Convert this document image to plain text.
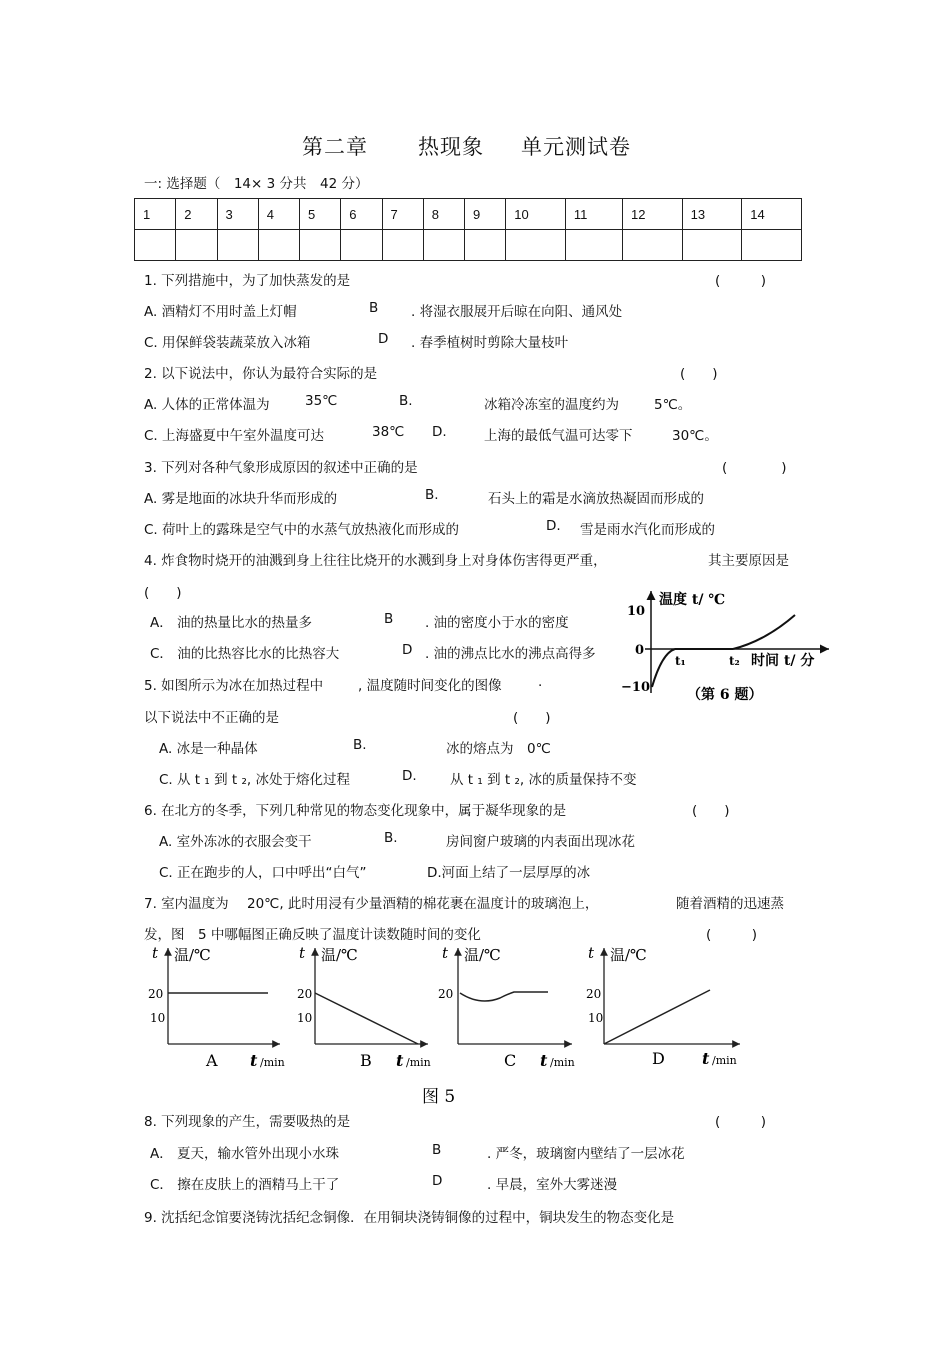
第二章 热现象 单元测试卷
一: 选择题（　14× 3 分共　42 分）
1	2	3	4	5	6	7	8	9	10	11	12	13	14

1. 下列措施中，为了加快蒸发的是	(　　　)
A. 酒精灯不用时盖上灯帽	B . 将湿衣服展开后晾在向阳、通风处
C. 用保鲜袋装蔬菜放入冰箱	D . 春季植树时剪除大量枝叶
2. 以下说法中，你认为最符合实际的是	(　　)
A. 人体的正常体温为	35℃	B.	冰箱冷冻室的温度约为	5℃。
C. 上海盛夏中午室外温度可达	38℃ D.	上海的最低气温可达零下	30℃。
3. 下列对各种气象形成原因的叙述中正确的是	(　　　　)
A. 雾是地面的冰块升华而形成的	B.	石头上的霜是水滴放热凝固而形成的
C. 荷叶上的露珠是空气中的水蒸气放热液化而形成的	D. 雪是雨水汽化而形成的
4. 炸食物时烧开的油溅到身上往往比烧开的水溅到身上对身体伤害得更严重，	其主要原因是
(　　)
A． 油的热量比水的热量多	B . 油的密度小于水的密度
C． 油的比热容比水的比热容大	D . 油的沸点比水的沸点高得多
温度 t/ ℃
10
0
−10
t₁	t₂ 时间 t/ 分
（第 6 题）
5. 如图所示为冰在加热过程中	, 温度随时间变化的图像	.
以下说法中不正确的是	(　　)
A. 冰是一种晶体	B.	冰的熔点为　0℃
C. 从 t ₁ 到 t ₂, 冰处于熔化过程	D. 从 t ₁ 到 t ₂, 冰的质量保持不变
6. 在北方的冬季，下列几种常见的物态变化现象中，属于凝华现象的是	(　　)
A. 室外冻冰的衣服会变干	B.	房间窗户玻璃的内表面出现冰花
C. 正在跑步的人，口中呼出“白气”	D.河面上结了一层厚厚的冰
7. 室内温度为 20℃, 此时用浸有少量酒精的棉花裹在温度计的玻璃泡上，	随着酒精的迅速蒸
发，图　5 中哪幅图正确反映了温度计读数随时间的变化	(　　　)
t 温/℃
20
10
A t /min
t 温/℃
20
10
B t /min
t 温/℃
20
C t /min
t 温/℃
20
10
D t /min
图 5
8. 下列现象的产生，需要吸热的是	(　　　)
A． 夏天，输水管外出现小水珠	B	. 严冬，玻璃窗内壁结了一层冰花
C． 擦在皮肤上的酒精马上干了	D	. 早晨，室外大雾迷漫
9. 沈括纪念馆要浇铸沈括纪念铜像．在用铜块浇铸铜像的过程中，铜块发生的物态变化是
